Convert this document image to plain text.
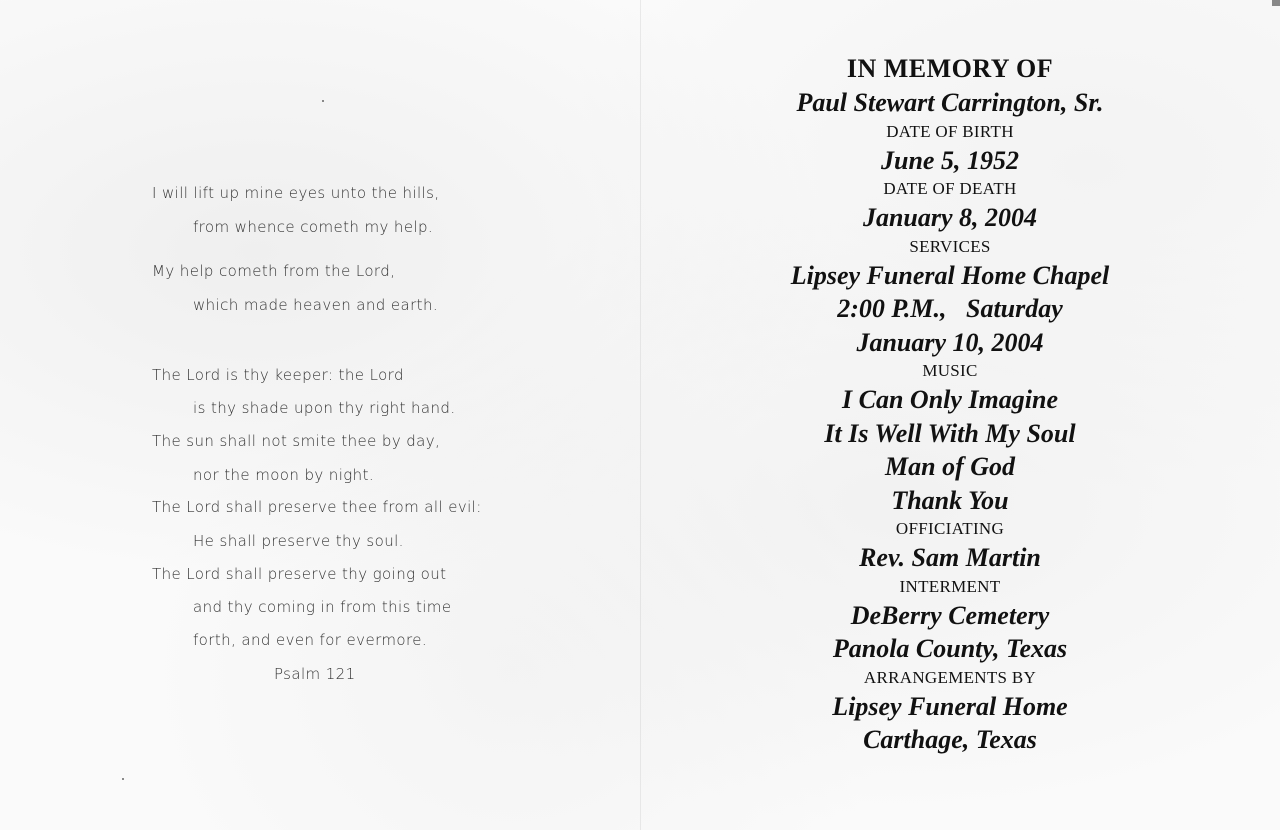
I will lift up mine eyes unto the hills,
from whence cometh my help.
My help cometh from the Lord,
which made heaven and earth.
The Lord is thy keeper: the Lord
is thy shade upon thy right hand.
The sun shall not smite thee by day,
nor the moon by night.
The Lord shall preserve thee from all evil:
He shall preserve thy soul.
The Lord shall preserve thy going out
and thy coming in from this time
forth, and even for evermore.
Psalm 121
IN MEMORY OF
Paul Stewart Carrington, Sr.
DATE OF BIRTH
June 5, 1952
DATE OF DEATH
January 8, 2004
SERVICES
Lipsey Funeral Home Chapel
2:00 P.M.,   Saturday
January 10, 2004
MUSIC
I Can Only Imagine
It Is Well With My Soul
Man of God
Thank You
OFFICIATING
Rev. Sam Martin
INTERMENT
DeBerry Cemetery
Panola County, Texas
ARRANGEMENTS BY
Lipsey Funeral Home
Carthage, Texas
